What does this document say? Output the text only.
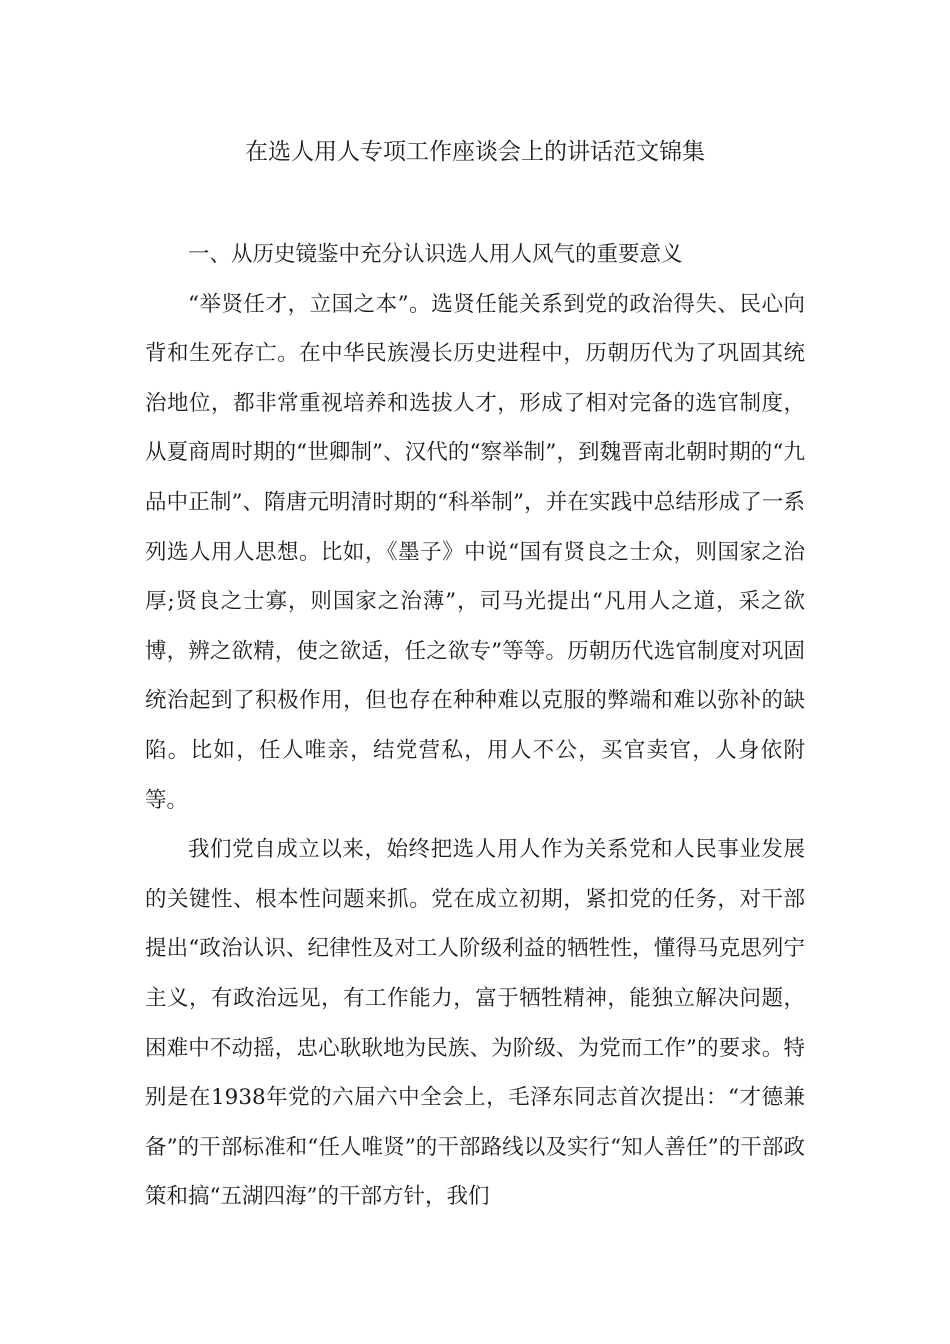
在选人用人专项工作座谈会上的讲话范文锦集

一、从历史镜鉴中充分认识选人用人风气的重要意义

“举贤任才，立国之本”。选贤任能关系到党的政治得失、民心向背和生死存亡。在中华民族漫长历史进程中，历朝历代为了巩固其统治地位，都非常重视培养和选拔人才，形成了相对完备的选官制度，从夏商周时期的“世卿制”、汉代的“察举制”，到魏晋南北朝时期的“九品中正制”、隋唐元明清时期的“科举制”，并在实践中总结形成了一系列选人用人思想。比如，《墨子》中说“国有贤良之士众，则国家之治厚;贤良之士寡，则国家之治薄”，司马光提出“凡用人之道，采之欲博，辨之欲精，使之欲适，任之欲专”等等。历朝历代选官制度对巩固统治起到了积极作用，但也存在种种难以克服的弊端和难以弥补的缺陷。比如，任人唯亲，结党营私，用人不公，买官卖官，人身依附等。

我们党自成立以来，始终把选人用人作为关系党和人民事业发展的关键性、根本性问题来抓。党在成立初期，紧扣党的任务，对干部提出“政治认识、纪律性及对工人阶级利益的牺牲性，懂得马克思列宁主义，有政治远见，有工作能力，富于牺牲精神，能独立解决问题，困难中不动摇，忠心耿耿地为民族、为阶级、为党而工作”的要求。特别是在1938年党的六届六中全会上，毛泽东同志首次提出：“才德兼备”的干部标准和“任人唯贤”的干部路线以及实行“知人善任”的干部政策和搞“五湖四海”的干部方针，我们
